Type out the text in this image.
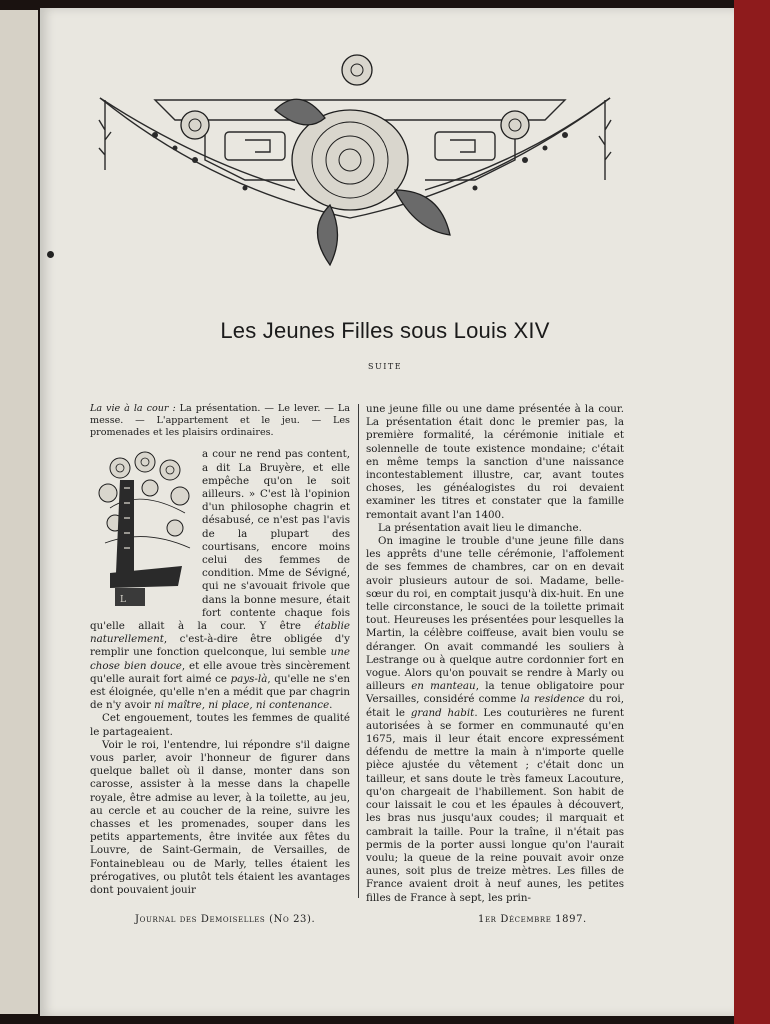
Les Jeunes Filles sous Louis XIV
SUITE

La vie à la cour : La présentation. — Le lever. — La messe. — L'appartement et le jeu. — Les promenades et les plaisirs ordinaires.

L

a cour ne rend pas content, a dit La Bruyère, et elle empêche qu'on le soit ailleurs. » C'est là l'opinion d'un philosophe chagrin et désabusé, ce n'est pas l'avis de la plupart des courtisans, encore moins celui des femmes de condition. Mme de Sévigné, qui ne s'avouait frivole que dans la bonne mesure, était fort contente chaque fois qu'elle allait à la cour. Y être établie naturellement, c'est-à-dire être obligée d'y remplir une fonction quelconque, lui semble une chose bien douce, et elle avoue très sincèrement qu'elle aurait fort aimé ce pays-là, qu'elle ne s'en est éloignée, qu'elle n'en a médit que par chagrin de n'y avoir ni maître, ni place, ni contenance.

Cet engouement, toutes les femmes de qualité le partageaient.

Voir le roi, l'entendre, lui répondre s'il daigne vous parler, avoir l'honneur de figurer dans quelque ballet où il danse, monter dans son carosse, assister à la messe dans la chapelle royale, être admise au lever, à la toilette, au jeu, au cercle et au coucher de la reine, suivre les chasses et les promenades, souper dans les petits appartements, être invitée aux fêtes du Louvre, de Saint-Germain, de Versailles, de Fontainebleau ou de Marly, telles étaient les prérogatives, ou plutôt tels étaient les avantages dont pouvaient jouir

une jeune fille ou une dame présentée à la cour. La présentation était donc le premier pas, la première formalité, la cérémonie initiale et solennelle de toute existence mondaine; c'était en même temps la sanction d'une naissance incontestablement illustre, car, avant toutes choses, les généalogistes du roi devaient examiner les titres et constater que la famille remontait avant l'an 1400.

La présentation avait lieu le dimanche.

On imagine le trouble d'une jeune fille dans les apprêts d'une telle cérémonie, l'affolement de ses femmes de chambres, car on en devait avoir plusieurs autour de soi. Madame, belle-sœur du roi, en comptait jusqu'à dix-huit. En une telle circonstance, le souci de la toilette primait tout. Heureuses les présentées pour lesquelles la Martin, la célèbre coiffeuse, avait bien voulu se déranger. On avait commandé les souliers à Lestrange ou à quelque autre cordonnier fort en vogue. Alors qu'on pouvait se rendre à Marly ou ailleurs en manteau, la tenue obligatoire pour Versailles, considéré comme la residence du roi, était le grand habit. Les couturières ne furent autorisées à se former en communauté qu'en 1675, mais il leur était encore expressément défendu de mettre la main à n'importe quelle pièce ajustée du vêtement ; c'était donc un tailleur, et sans doute le très fameux Lacouture, qu'on chargeait de l'habillement. Son habit de cour laissait le cou et les épaules à découvert, les bras nus jusqu'aux coudes; il marquait et cambrait la taille. Pour la traîne, il n'était pas permis de la porter aussi longue qu'on l'aurait voulu; la queue de la reine pouvait avoir onze aunes, soit plus de treize mètres. Les filles de France avaient droit à neuf aunes, les petites filles de France à sept, les prin-

Journal des Demoiselles (No 23).	1er Décembre 1897.
